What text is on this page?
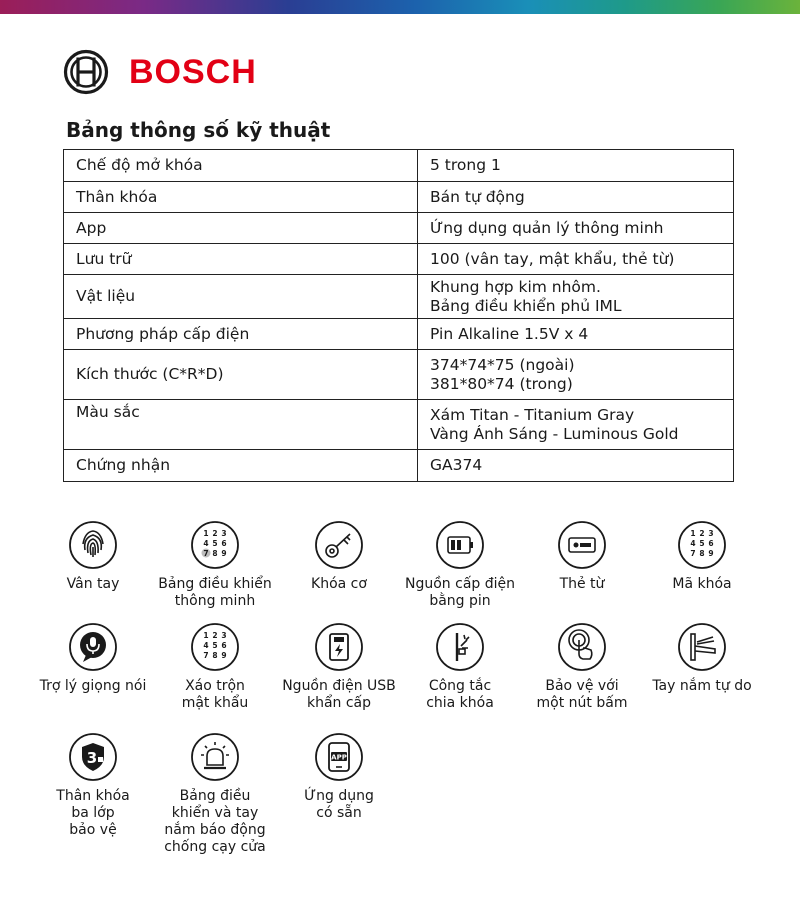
BOSCH
Bảng thông số kỹ thuật
Chế độ mở khóa	5 trong 1

Thân khóa	Bán tự động

App	Ứng dụng quản lý thông minh

Lưu trữ	100 (vân tay, mật khẩu, thẻ từ)

Vật liệu	Khung hợp kim nhôm.
Bảng điều khiển phủ IML

Phương pháp cấp điện	Pin Alkaline 1.5V x 4

Kích thước (C*R*D)	374*74*75 (ngoài)
381*80*74 (trong)

Màu sắc	Xám Titan - Titanium Gray
Vàng Ánh Sáng - Luminous Gold

Chứng nhận	GA374
Vân tay
1 2 3
4 5 6
7 8 9
Bảng điều khiển
thông minh
Khóa cơ	Nguồn cấp điện
bằng pin
Thẻ từ
1 2 3
4 5 6
7 8 9
Mã khóa
Trợ lý giọng nói
1 2 3
4 5 6
7 8 9
Xáo trộn
mật khẩu
Nguồn điện USB
khẩn cấp
Công tắc
chia khóa
Bảo vệ với
một nút bấm
Tay nắm tự do
3
Thân khóa
ba lớp
bảo vệ
Bảng điều
khiển và tay
nắm báo động
chống cạy cửa
APP
Ứng dụng
có sẵn
